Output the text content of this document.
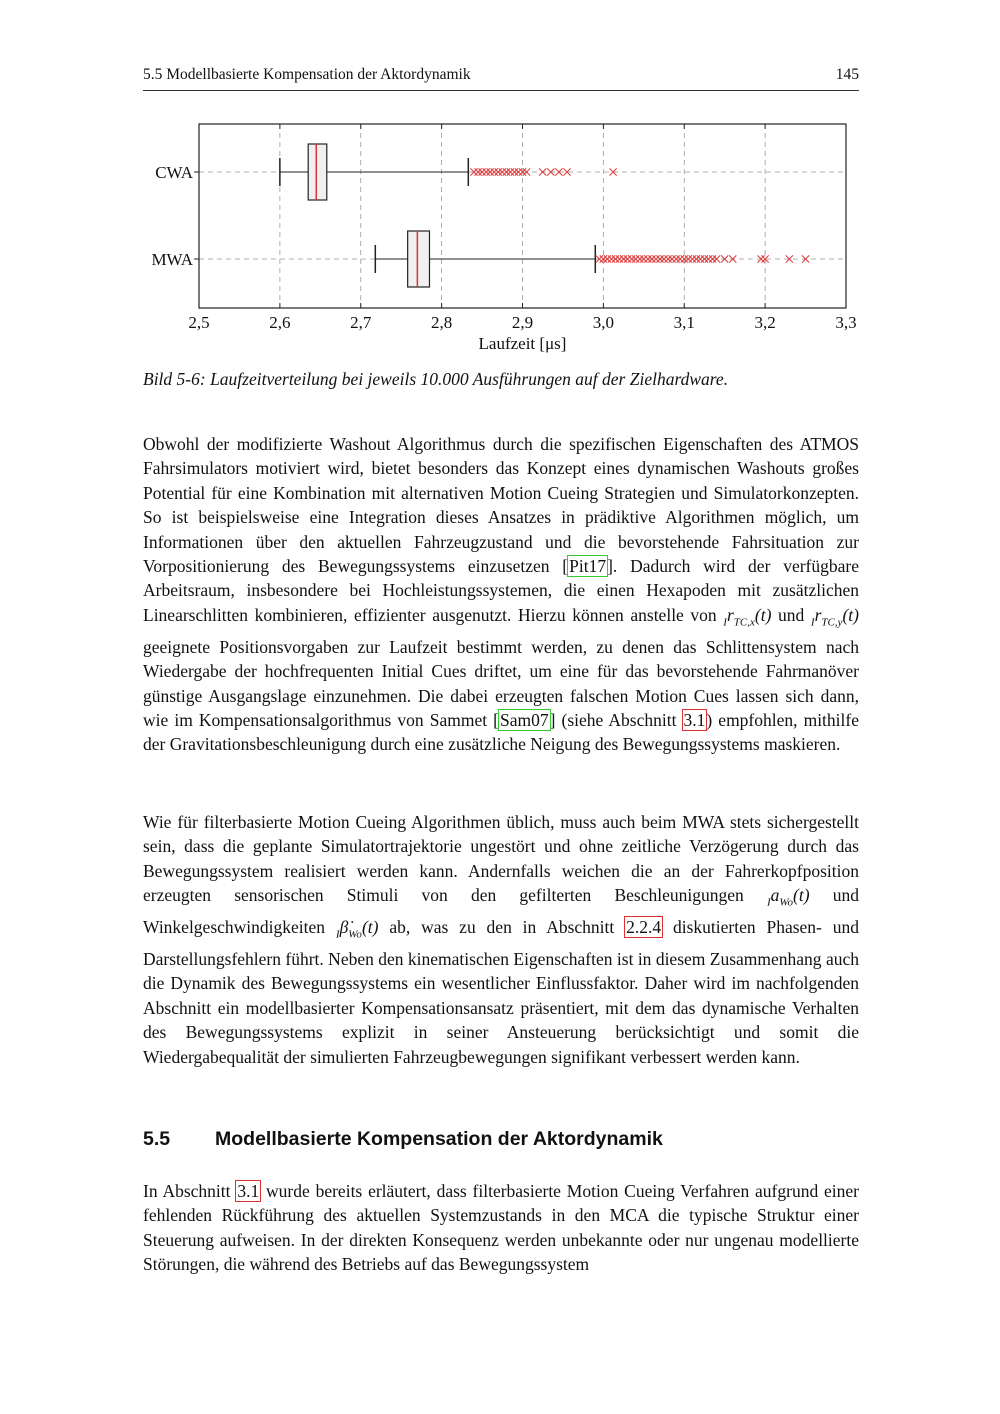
5.5 Modellbasierte Kompensation der Aktordynamik	145
2,5	2,6	2,7	2,8	2,9	3,0	3,1	3,2	3,3
Laufzeit [μs]
CWA
MWA
Bild 5-6: Laufzeitverteilung bei jeweils 10.000 Ausführungen auf der Zielhardware.

Obwohl der modifizierte Washout Algorithmus durch die spezifischen Eigenschaften des ATMOS Fahrsimulators motiviert wird, bietet besonders das Konzept eines dynamischen Washouts großes Potential für eine Kombination mit alternativen Motion Cueing Strategien und Simulatorkonzepten. So ist beispielsweise eine Integration dieses Ansatzes in prädiktive Algorithmen möglich, um Informationen über den aktuellen Fahrzeugzustand und die bevorstehende Fahrsituation zur Vorpositionierung des Bewegungssystems einzusetzen [Pit17]. Dadurch wird der verfügbare Arbeitsraum, insbesondere bei Hochleistungssystemen, die einen Hexapoden mit zusätzlichen Linearschlitten kombinieren, effizienter ausgenutzt. Hierzu können anstelle von $_Ir_{TC,x}(t)$ und $_Ir_{TC,y}(t)$ geeignete Positionsvorgaben zur Laufzeit bestimmt werden, zu denen das Schlittensystem nach Wiedergabe der hochfrequenten Initial Cues driftet, um eine für das bevorstehende Fahrmanöver günstige Ausgangslage einzunehmen. Die dabei erzeugten falschen Motion Cues lassen sich dann, wie im Kompensationsalgorithmus von Sammet [Sam07] (siehe Abschnitt 3.1) empfohlen, mithilfe der Gravitationsbeschleunigung durch eine zusätzliche Neigung des Bewegungssystems maskieren.

Wie für filterbasierte Motion Cueing Algorithmen üblich, muss auch beim MWA stets sichergestellt sein, dass die geplante Simulatortrajektorie ungestört und ohne zeitliche Verzögerung durch das Bewegungssystem realisiert werden kann. Andernfalls weichen die an der Fahrerkopfposition erzeugten sensorischen Stimuli von den gefilterten Beschleunigungen $_Ia_{Wo}(t)$ und Winkelgeschwindigkeiten $_I\betȧ_{Wo}(t)$ ab, was zu den in Abschnitt 2.2.4 diskutierten Phasen- und Darstellungsfehlern führt. Neben den kinematischen Eigenschaften ist in diesem Zusammenhang auch die Dynamik des Bewegungssystems ein wesentlicher Einflussfaktor. Daher wird im nachfolgenden Abschnitt ein modellbasierter Kompensationsansatz präsentiert, mit dem das dynamische Verhalten des Bewegungssystems explizit in seiner Ansteuerung berücksichtigt und somit die Wiedergabequalität der simulierten Fahrzeugbewegungen signifikant verbessert werden kann.

5.5 Modellbasierte Kompensation der Aktordynamik

In Abschnitt 3.1 wurde bereits erläutert, dass filterbasierte Motion Cueing Verfahren aufgrund einer fehlenden Rückführung des aktuellen Systemzustands in den MCA die typische Struktur einer Steuerung aufweisen. In der direkten Konsequenz werden unbekannte oder nur ungenau modellierte Störungen, die während des Betriebs auf das Bewegungssystem
